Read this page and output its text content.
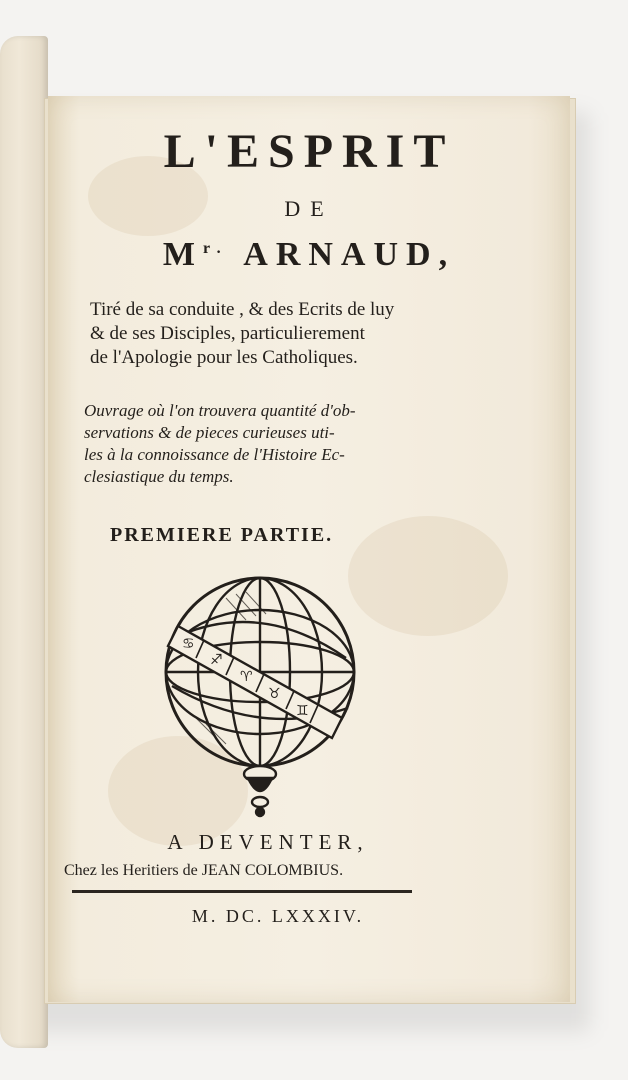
L'ESPRIT
DE
$M^{r.}$ ARNAUD,
Tiré de sa conduite , & des Ecrits de luy
& de ses Disciples, particulierement
de l'Apologie pour les Catholiques.
Ouvrage où l'on trouvera quantité d'ob-
servations & de pieces curieuses uti-
les à la connoissance de l'Histoire Ec-
clesiastique du temps.
PREMIERE PARTIE.
♋
♐
♈
♉
♊
A DEVENTER,
Chez les Heritiers de JEAN COLOMBIUS.
M. DC. LXXXIV.
